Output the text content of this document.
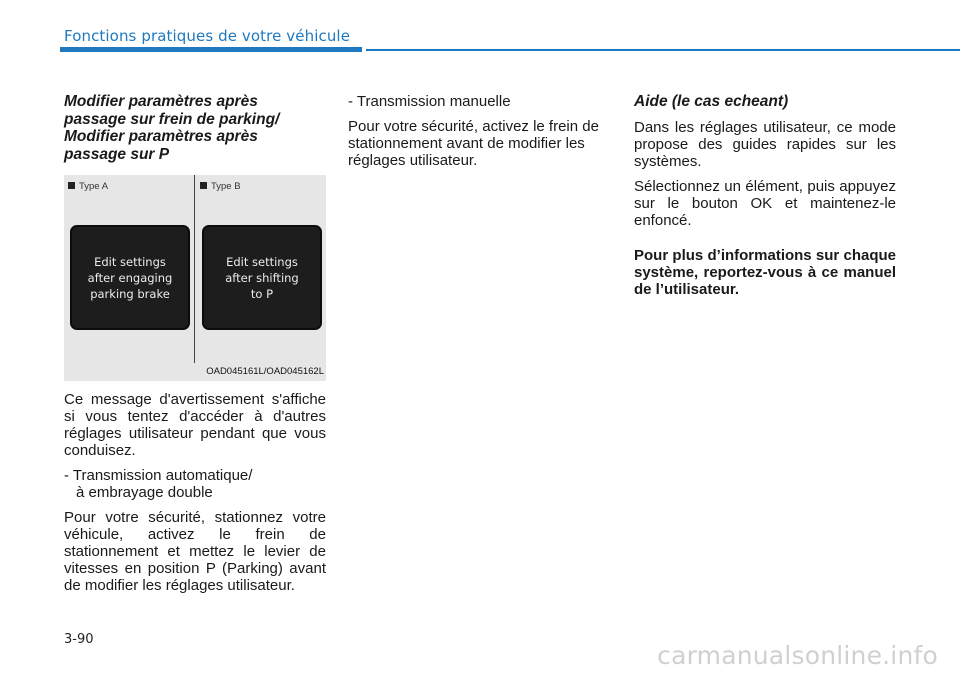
Fonctions pratiques de votre véhicule
Modifier paramètres après
passage sur frein de parking/
Modifier paramètres après
passage sur P
Type A	Type B
Edit settings
after engaging
parking brake
Edit settings
after shifting
to P
OAD045161L/OAD045162L

Ce message d'avertissement s'affiche si vous tentez d'accéder à d'autres réglages utilisateur pendant que vous conduisez.

- Transmission automatique/
à embrayage double

Pour votre sécurité, stationnez votre véhicule, activez le frein de stationnement et mettez le levier de vitesses en position P (Parking) avant de modifier les réglages utilisateur.

- Transmission manuelle

Pour votre sécurité, activez le frein de stationnement avant de modifier les réglages utilisateur.

Aide (le cas echeant)

Dans les réglages utilisateur, ce mode propose des guides rapides sur les systèmes.

Sélectionnez un élément, puis appuyez sur le bouton OK et maintenez-le enfoncé.

Pour plus d’informations sur chaque système, reportez-vous à ce manuel de l’utilisateur.

3-90
carmanualsonline.info
